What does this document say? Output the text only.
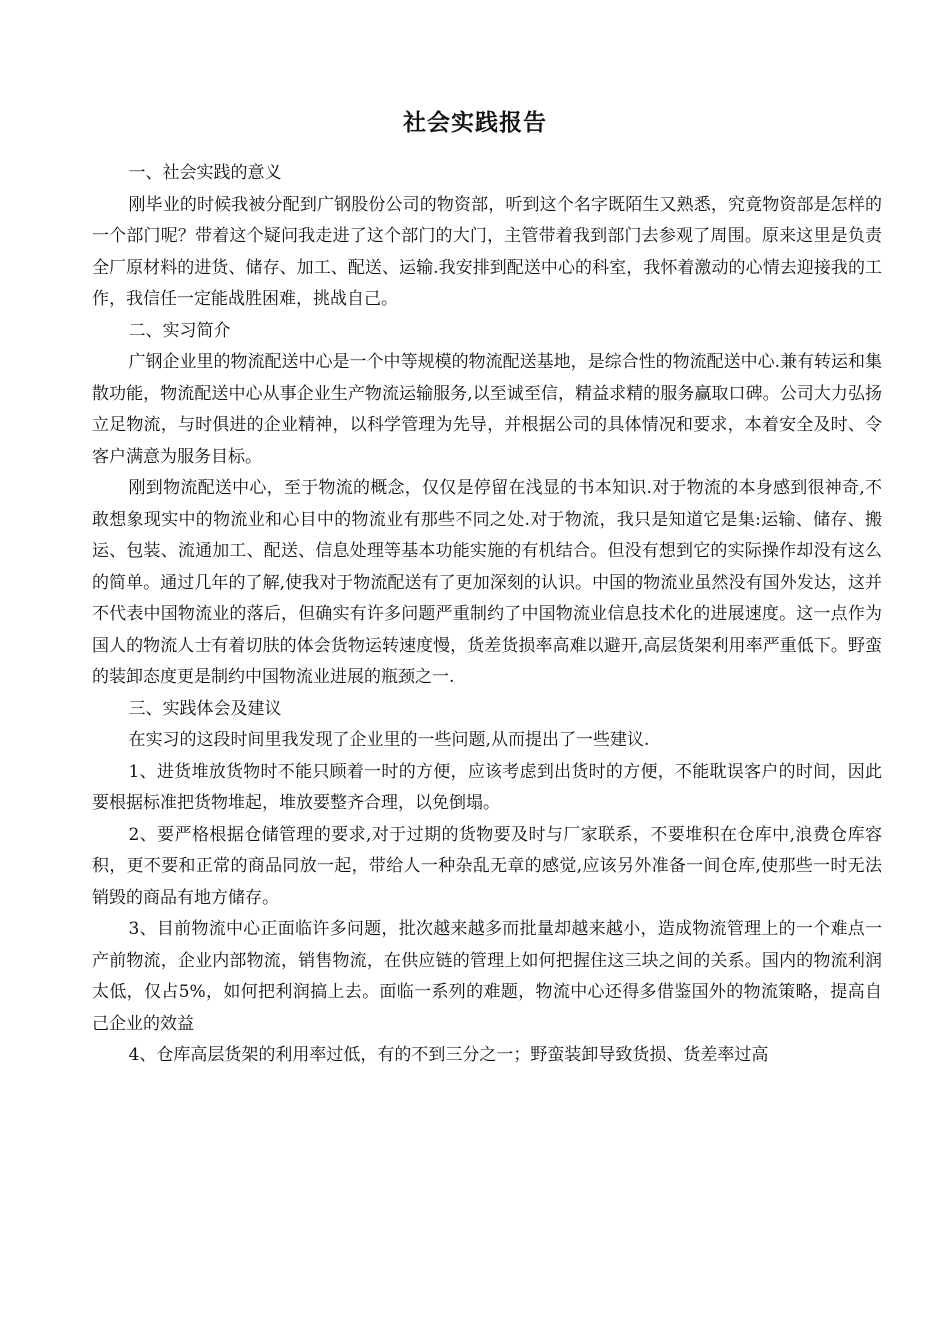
社会实践报告

一、社会实践的意义

刚毕业的时候我被分配到广钢股份公司的物资部，听到这个名字既陌生又熟悉，究竟物资部是怎样的一个部门呢？带着这个疑问我走进了这个部门的大门，主管带着我到部门去参观了周围。原来这里是负责全厂原材料的进货、储存、加工、配送、运输.我安排到配送中心的科室，我怀着激动的心情去迎接我的工作，我信任一定能战胜困难，挑战自己。

二、实习简介

广钢企业里的物流配送中心是一个中等规模的物流配送基地，是综合性的物流配送中心.兼有转运和集散功能，物流配送中心从事企业生产物流运输服务,以至诚至信，精益求精的服务赢取口碑。公司大力弘扬立足物流，与时俱进的企业精神，以科学管理为先导，并根据公司的具体情况和要求，本着安全及时、令客户满意为服务目标。

刚到物流配送中心，至于物流的概念，仅仅是停留在浅显的书本知识.对于物流的本身感到很神奇,不敢想象现实中的物流业和心目中的物流业有那些不同之处.对于物流，我只是知道它是集:运输、储存、搬运、包装、流通加工、配送、信息处理等基本功能实施的有机结合。但没有想到它的实际操作却没有这么的简单。通过几年的了解,使我对于物流配送有了更加深刻的认识。中国的物流业虽然没有国外发达，这并不代表中国物流业的落后，但确实有许多问题严重制约了中国物流业信息技术化的进展速度。这一点作为国人的物流人士有着切肤的体会货物运转速度慢，货差货损率高难以避开,高层货架利用率严重低下。野蛮的装卸态度更是制约中国物流业进展的瓶颈之一.

三、实践体会及建议

在实习的这段时间里我发现了企业里的一些问题,从而提出了一些建议.

1、进货堆放货物时不能只顾着一时的方便，应该考虑到出货时的方便，不能耽误客户的时间，因此要根据标准把货物堆起，堆放要整齐合理，以免倒塌。

2、要严格根据仓储管理的要求,对于过期的货物要及时与厂家联系，不要堆积在仓库中,浪费仓库容积，更不要和正常的商品同放一起，带给人一种杂乱无章的感觉,应该另外准备一间仓库,使那些一时无法销毁的商品有地方储存。

3、目前物流中心正面临许多问题，批次越来越多而批量却越来越小，造成物流管理上的一个难点一产前物流，企业内部物流，销售物流，在供应链的管理上如何把握住这三块之间的关系。国内的物流利润太低，仅占5%，如何把利润搞上去。面临一系列的难题，物流中心还得多借鉴国外的物流策略，提高自己企业的效益

4、仓库高层货架的利用率过低，有的不到三分之一；野蛮装卸导致货损、货差率过高
